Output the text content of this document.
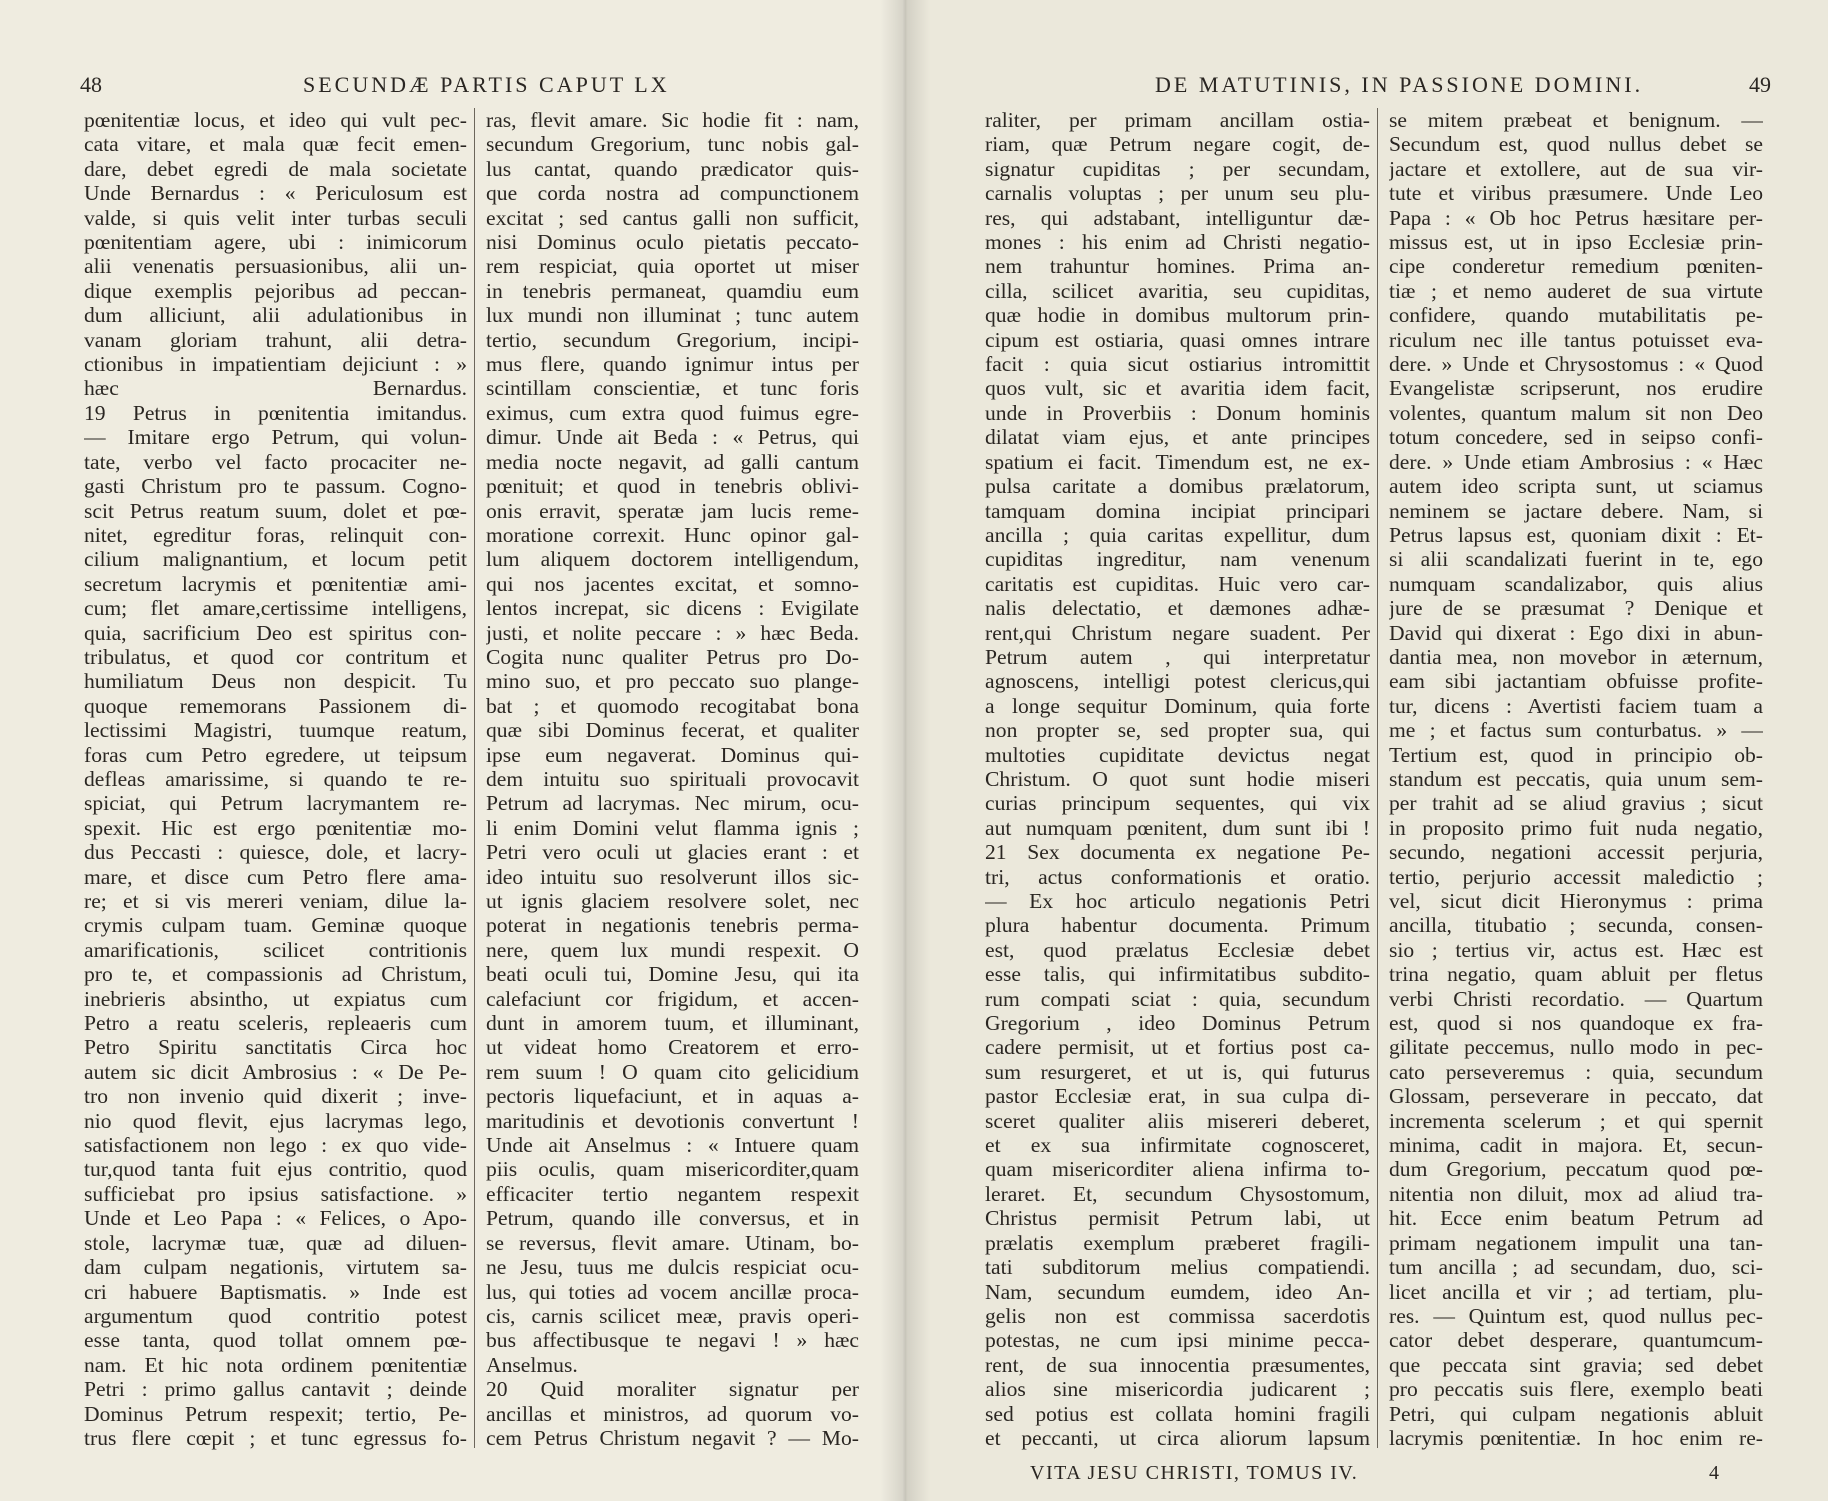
48	SECUNDÆ PARTIS CAPUT LX
pœnitentiæ locus, et ideo qui vult pec-
cata vitare, et mala quæ fecit emen-
dare, debet egredi de mala societate
Unde Bernardus : « Periculosum est
valde, si quis velit inter turbas seculi
pœnitentiam agere, ubi : inimicorum
alii venenatis persuasionibus, alii un-
dique exemplis pejoribus ad peccan-
dum alliciunt, alii adulationibus in
vanam gloriam trahunt, alii detra-
ctionibus in impatientiam dejiciunt : »
hæc Bernardus.
19 Petrus in pœnitentia imitandus.
— Imitare ergo Petrum, qui volun-
tate, verbo vel facto procaciter ne-
gasti Christum pro te passum. Cogno-
scit Petrus reatum suum, dolet et pœ-
nitet, egreditur foras, relinquit con-
cilium malignantium, et locum petit
secretum lacrymis et pœnitentiæ ami-
cum; flet amare,certissime intelligens,
quia, sacrificium Deo est spiritus con-
tribulatus, et quod cor contritum et
humiliatum Deus non despicit. Tu
quoque rememorans Passionem di-
lectissimi Magistri, tuumque reatum,
foras cum Petro egredere, ut teipsum
defleas amarissime, si quando te re-
spiciat, qui Petrum lacrymantem re-
spexit. Hic est ergo pœnitentiæ mo-
dus Peccasti : quiesce, dole, et lacry-
mare, et disce cum Petro flere ama-
re; et si vis mereri veniam, dilue la-
crymis culpam tuam. Geminæ quoque
amarificationis, scilicet contritionis
pro te, et compassionis ad Christum,
inebrieris absintho, ut expiatus cum
Petro a reatu sceleris, repleaeris cum
Petro Spiritu sanctitatis Circa hoc
autem sic dicit Ambrosius : « De Pe-
tro non invenio quid dixerit ; inve-
nio quod flevit, ejus lacrymas lego,
satisfactionem non lego : ex quo vide-
tur,quod tanta fuit ejus contritio, quod
sufficiebat pro ipsius satisfactione. »
Unde et Leo Papa : « Felices, o Apo-
stole, lacrymæ tuæ, quæ ad diluen-
dam culpam negationis, virtutem sa-
cri habuere Baptismatis. » Inde est
argumentum quod contritio potest
esse tanta, quod tollat omnem pœ-
nam. Et hic nota ordinem pœnitentiæ
Petri : primo gallus cantavit ; deinde
Dominus Petrum respexit; tertio, Pe-
trus flere cœpit ; et tunc egressus fo-
ras, flevit amare. Sic hodie fit : nam,
secundum Gregorium, tunc nobis gal-
lus cantat, quando prædicator quis-
que corda nostra ad compunctionem
excitat ; sed cantus galli non sufficit,
nisi Dominus oculo pietatis peccato-
rem respiciat, quia oportet ut miser
in tenebris permaneat, quamdiu eum
lux mundi non illuminat ; tunc autem
tertio, secundum Gregorium, incipi-
mus flere, quando ignimur intus per
scintillam conscientiæ, et tunc foris
eximus, cum extra quod fuimus egre-
dimur. Unde ait Beda : « Petrus, qui
media nocte negavit, ad galli cantum
pœnituit; et quod in tenebris oblivi-
onis erravit, speratæ jam lucis reme-
moratione correxit. Hunc opinor gal-
lum aliquem doctorem intelligendum,
qui nos jacentes excitat, et somno-
lentos increpat, sic dicens : Evigilate
justi, et nolite peccare : » hæc Beda.
Cogita nunc qualiter Petrus pro Do-
mino suo, et pro peccato suo plange-
bat ; et quomodo recogitabat bona
quæ sibi Dominus fecerat, et qualiter
ipse eum negaverat. Dominus qui-
dem intuitu suo spirituali provocavit
Petrum ad lacrymas. Nec mirum, ocu-
li enim Domini velut flamma ignis ;
Petri vero oculi ut glacies erant : et
ideo intuitu suo resolverunt illos sic-
ut ignis glaciem resolvere solet, nec
poterat in negationis tenebris perma-
nere, quem lux mundi respexit. O
beati oculi tui, Domine Jesu, qui ita
calefaciunt cor frigidum, et accen-
dunt in amorem tuum, et illuminant,
ut videat homo Creatorem et erro-
rem suum ! O quam cito gelicidium
pectoris liquefaciunt, et in aquas a-
maritudinis et devotionis convertunt !
Unde ait Anselmus : « Intuere quam
piis oculis, quam misericorditer,quam
efficaciter tertio negantem respexit
Petrum, quando ille conversus, et in
se reversus, flevit amare. Utinam, bo-
ne Jesu, tuus me dulcis respiciat ocu-
lus, qui toties ad vocem ancillæ proca-
cis, carnis scilicet meæ, pravis operi-
bus affectibusque te negavi ! » hæc
Anselmus.
20 Quid moraliter signatur per
ancillas et ministros, ad quorum vo-
cem Petrus Christum negavit ? — Mo-
DE MATUTINIS, IN PASSIONE DOMINI.	49
raliter, per primam ancillam ostia-
riam, quæ Petrum negare cogit, de-
signatur cupiditas ; per secundam,
carnalis voluptas ; per unum seu plu-
res, qui adstabant, intelliguntur dæ-
mones : his enim ad Christi negatio-
nem trahuntur homines. Prima an-
cilla, scilicet avaritia, seu cupiditas,
quæ hodie in domibus multorum prin-
cipum est ostiaria, quasi omnes intrare
facit : quia sicut ostiarius intromittit
quos vult, sic et avaritia idem facit,
unde in Proverbiis : Donum hominis
dilatat viam ejus, et ante principes
spatium ei facit. Timendum est, ne ex-
pulsa caritate a domibus prælatorum,
tamquam domina incipiat principari
ancilla ; quia caritas expellitur, dum
cupiditas ingreditur, nam venenum
caritatis est cupiditas. Huic vero car-
nalis delectatio, et dæmones adhæ-
rent,qui Christum negare suadent. Per
Petrum autem , qui interpretatur
agnoscens, intelligi potest clericus,qui
a longe sequitur Dominum, quia forte
non propter se, sed propter sua, qui
multoties cupiditate devictus negat
Christum. O quot sunt hodie miseri
curias principum sequentes, qui vix
aut numquam pœnitent, dum sunt ibi !
21 Sex documenta ex negatione Pe-
tri, actus conformationis et oratio.
— Ex hoc articulo negationis Petri
plura habentur documenta. Primum
est, quod prælatus Ecclesiæ debet
esse talis, qui infirmitatibus subdito-
rum compati sciat : quia, secundum
Gregorium , ideo Dominus Petrum
cadere permisit, ut et fortius post ca-
sum resurgeret, et ut is, qui futurus
pastor Ecclesiæ erat, in sua culpa di-
sceret qualiter aliis misereri deberet,
et ex sua infirmitate cognosceret,
quam misericorditer aliena infirma to-
leraret. Et, secundum Chysostomum,
Christus permisit Petrum labi, ut
prælatis exemplum præberet fragili-
tati subditorum melius compatiendi.
Nam, secundum eumdem, ideo An-
gelis non est commissa sacerdotis
potestas, ne cum ipsi minime pecca-
rent, de sua innocentia præsumentes,
alios sine misericordia judicarent ;
sed potius est collata homini fragili
et peccanti, ut circa aliorum lapsum
se mitem præbeat et benignum. —
Secundum est, quod nullus debet se
jactare et extollere, aut de sua vir-
tute et viribus præsumere. Unde Leo
Papa : « Ob hoc Petrus hæsitare per-
missus est, ut in ipso Ecclesiæ prin-
cipe conderetur remedium pœniten-
tiæ ; et nemo auderet de sua virtute
confidere, quando mutabilitatis pe-
riculum nec ille tantus potuisset eva-
dere. » Unde et Chrysostomus : « Quod
Evangelistæ scripserunt, nos erudire
volentes, quantum malum sit non Deo
totum concedere, sed in seipso confi-
dere. » Unde etiam Ambrosius : « Hæc
autem ideo scripta sunt, ut sciamus
neminem se jactare debere. Nam, si
Petrus lapsus est, quoniam dixit : Et-
si alii scandalizati fuerint in te, ego
numquam scandalizabor, quis alius
jure de se præsumat ? Denique et
David qui dixerat : Ego dixi in abun-
dantia mea, non movebor in æternum,
eam sibi jactantiam obfuisse profite-
tur, dicens : Avertisti faciem tuam a
me ; et factus sum conturbatus. » —
Tertium est, quod in principio ob-
standum est peccatis, quia unum sem-
per trahit ad se aliud gravius ; sicut
in proposito primo fuit nuda negatio,
secundo, negationi accessit perjuria,
tertio, perjurio accessit maledictio ;
vel, sicut dicit Hieronymus : prima
ancilla, titubatio ; secunda, consen-
sio ; tertius vir, actus est. Hæc est
trina negatio, quam abluit per fletus
verbi Christi recordatio. — Quartum
est, quod si nos quandoque ex fra-
gilitate peccemus, nullo modo in pec-
cato perseveremus : quia, secundum
Glossam, perseverare in peccato, dat
incrementa scelerum ; et qui spernit
minima, cadit in majora. Et, secun-
dum Gregorium, peccatum quod pœ-
nitentia non diluit, mox ad aliud tra-
hit. Ecce enim beatum Petrum ad
primam negationem impulit una tan-
tum ancilla ; ad secundam, duo, sci-
licet ancilla et vir ; ad tertiam, plu-
res. — Quintum est, quod nullus pec-
cator debet desperare, quantumcum-
que peccata sint gravia; sed debet
pro peccatis suis flere, exemplo beati
Petri, qui culpam negationis abluit
lacrymis pœnitentiæ. In hoc enim re-
VITA JESU CHRISTI, TOMUS IV.	4
